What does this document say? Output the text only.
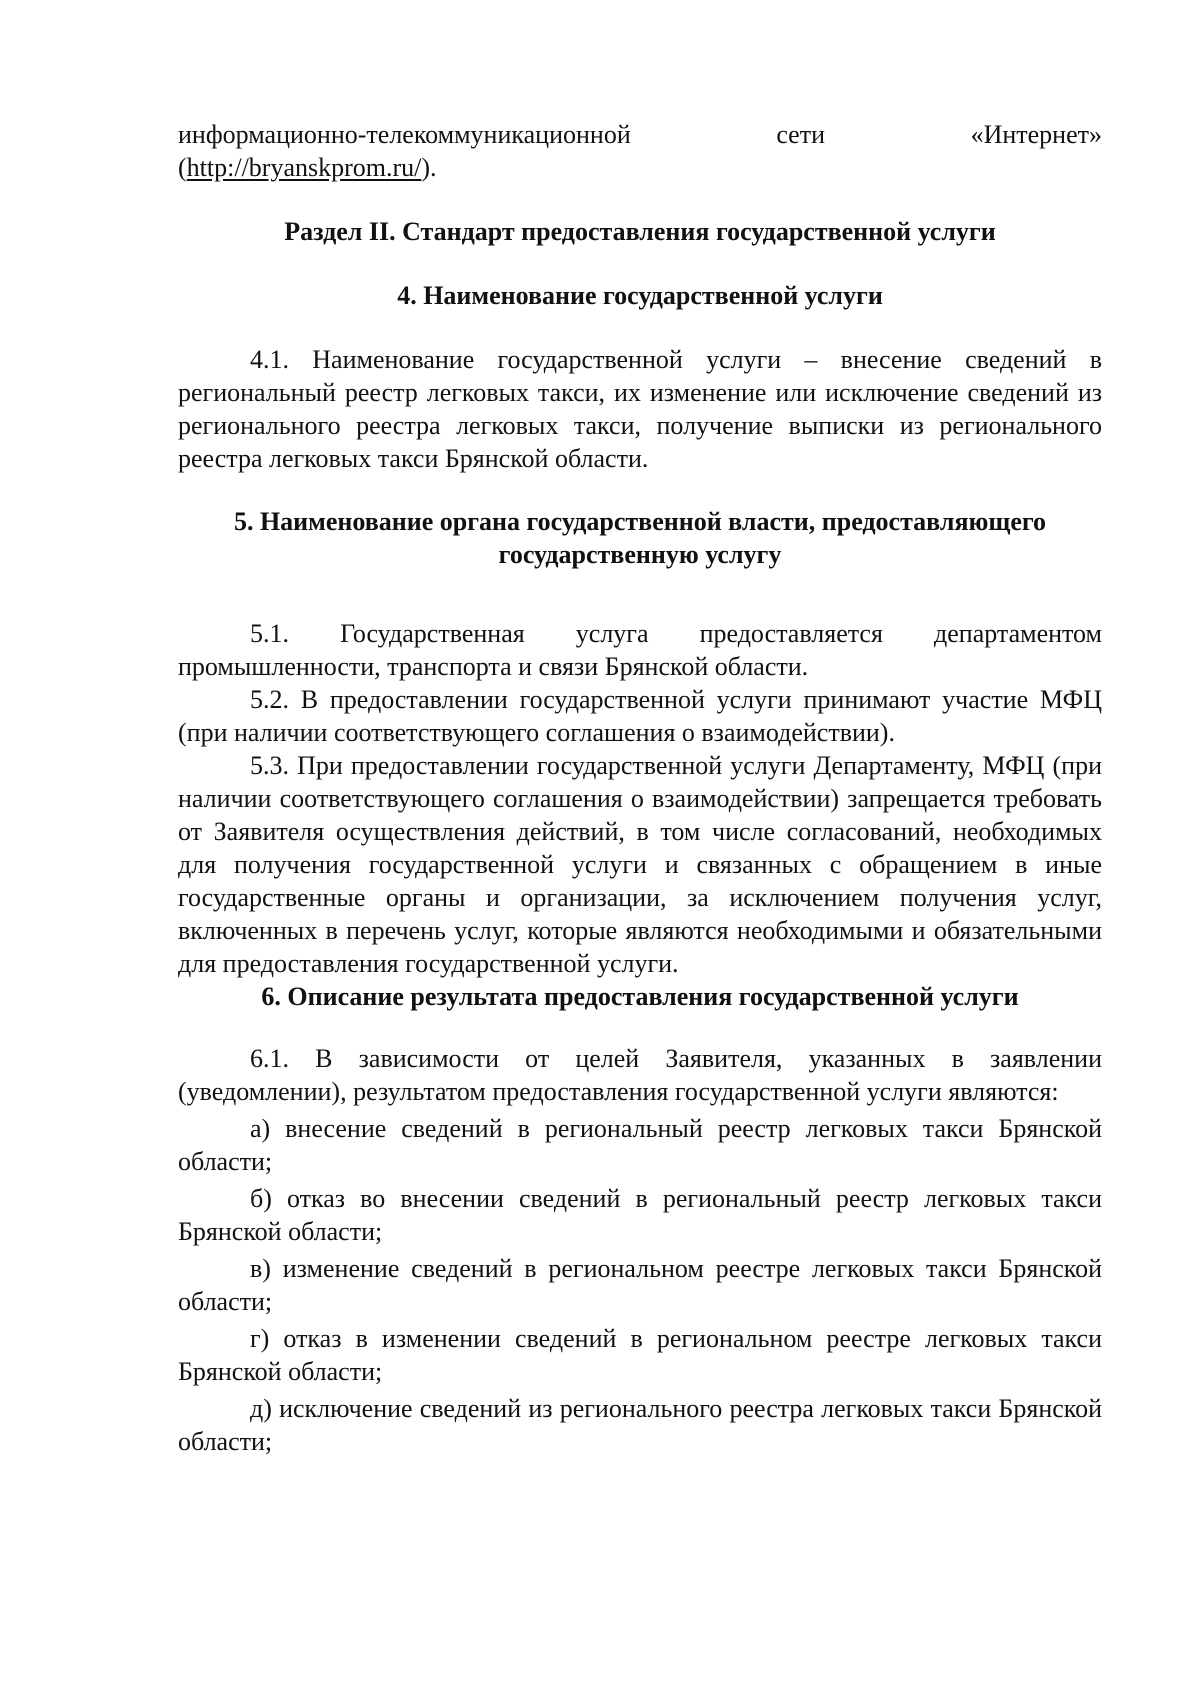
информационно-телекоммуникационной	сети	«Интернет»

(http://bryanskprom.ru/).

Раздел II. Стандарт предоставления государственной услуги

4. Наименование государственной услуги

4.1. Наименование государственной услуги – внесение сведений в региональный реестр легковых такси, их изменение или исключение сведений из регионального реестра легковых такси, получение выписки из регионального реестра легковых такси Брянской области.

5. Наименование органа государственной власти, предоставляющего
государственную услугу

5.1. Государственная услуга предоставляется департаментом промышленности, транспорта и связи Брянской области.

5.2. В предоставлении государственной услуги принимают участие МФЦ (при наличии соответствующего соглашения о взаимодействии).

5.3. При предоставлении государственной услуги Департаменту, МФЦ (при наличии соответствующего соглашения о взаимодействии) запрещается требовать от Заявителя осуществления действий, в том числе согласований, необходимых для получения государственной услуги и связанных с обращением в иные государственные органы и организации, за исключением получения услуг, включенных в перечень услуг, которые являются необходимыми и обязательными для предоставления государственной услуги.

6. Описание результата предоставления государственной услуги

6.1. В зависимости от целей Заявителя, указанных в заявлении (уведомлении), результатом предоставления государственной услуги являются:

а) внесение сведений в региональный реестр легковых такси Брянской области;

б) отказ во внесении сведений в региональный реестр легковых такси Брянской области;

в) изменение сведений в региональном реестре легковых такси Брянской области;

г) отказ в изменении сведений в региональном реестре легковых такси Брянской области;

д) исключение сведений из регионального реестра легковых такси Брянской области;
